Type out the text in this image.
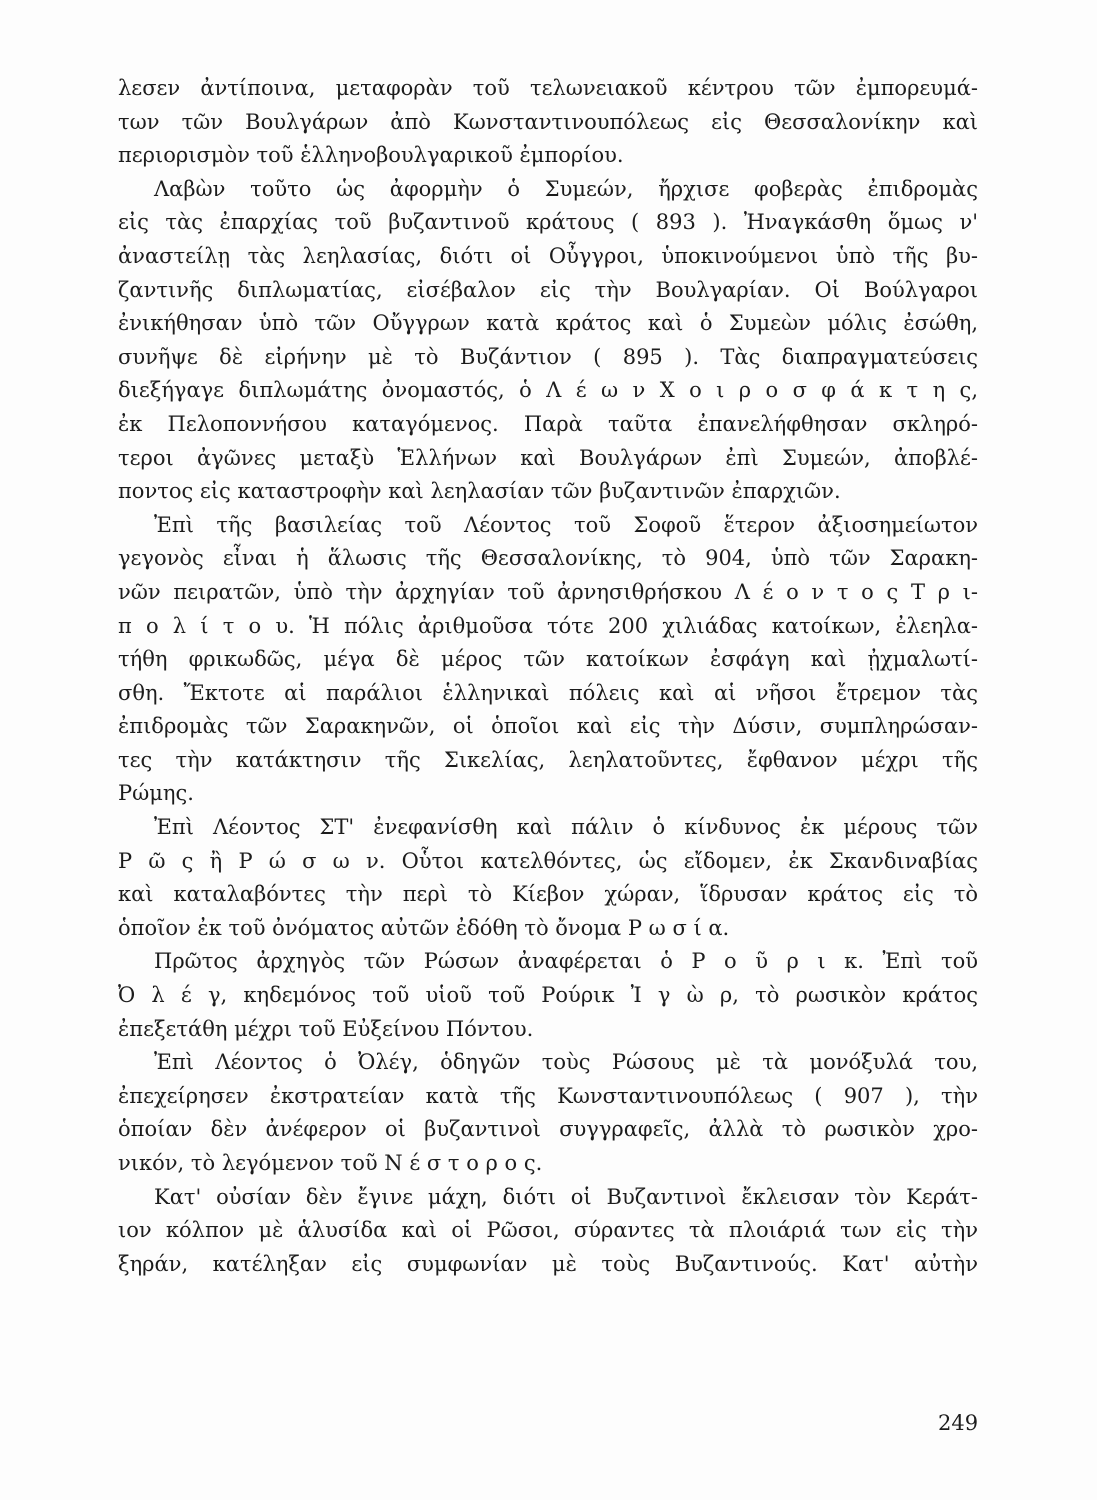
λεσεν ἀντίποινα, μεταφορὰν τοῦ τελωνειακοῦ κέντρου τῶν ἐμπορευμά-
των τῶν Βουλγάρων ἀπὸ Κωνσταντινουπόλεως εἰς Θεσσαλονίκην καὶ
περιορισμὸν τοῦ ἑλληνοβουλγαρικοῦ ἐμπορίου.
Λαβὼν τοῦτο ὡς ἀφορμὴν ὁ Συμεών, ἤρχισε φοβερὰς ἐπιδρομὰς
εἰς τὰς ἐπαρχίας τοῦ βυζαντινοῦ κράτους ( 893 ). Ἠναγκάσθη ὅμως ν'
ἀναστείλῃ τὰς λεηλασίας, διότι οἱ Οὖγγροι, ὑποκινούμενοι ὑπὸ τῆς βυ-
ζαντινῆς διπλωματίας, εἰσέβαλον εἰς τὴν Βουλγαρίαν. Οἱ Βούλγαροι
ἐνικήθησαν ὑπὸ τῶν Οὔγγρων κατὰ κράτος καὶ ὁ Συμεὼν μόλις ἐσώθη,
συνῆψε δὲ εἰρήνην μὲ τὸ Βυζάντιον ( 895 ). Τὰς διαπραγματεύσεις
διεξήγαγε διπλωμάτης ὀνομαστός, ὁ Λ έ ω ν Χ ο ι ρ ο σ φ ά κ τ η ς,
ἐκ Πελοποννήσου καταγόμενος. Παρὰ ταῦτα ἐπανελήφθησαν σκληρό-
τεροι ἀγῶνες μεταξὺ Ἑλλήνων καὶ Βουλγάρων ἐπὶ Συμεών, ἀποβλέ-
ποντος εἰς καταστροφὴν καὶ λεηλασίαν τῶν βυζαντινῶν ἐπαρχιῶν.
Ἐπὶ τῆς βασιλείας τοῦ Λέοντος τοῦ Σοφοῦ ἕτερον ἀξιοσημείωτον
γεγονὸς εἶναι ἡ ἅλωσις τῆς Θεσσαλονίκης, τὸ 904, ὑπὸ τῶν Σαρακη-
νῶν πειρατῶν, ὑπὸ τὴν ἀρχηγίαν τοῦ ἀρνησιθρήσκου Λ έ ο ν τ ο ς Τ ρ ι-
π ο λ ί τ ο υ. Ἡ πόλις ἀριθμοῦσα τότε 200 χιλιάδας κατοίκων, ἐλεηλα-
τήθη φρικωδῶς, μέγα δὲ μέρος τῶν κατοίκων ἐσφάγη καὶ ᾐχμαλωτί-
σθη. Ἔκτοτε αἱ παράλιοι ἑλληνικαὶ πόλεις καὶ αἱ νῆσοι ἔτρεμον τὰς
ἐπιδρομὰς τῶν Σαρακηνῶν, οἱ ὁποῖοι καὶ εἰς τὴν Δύσιν, συμπληρώσαν-
τες τὴν κατάκτησιν τῆς Σικελίας, λεηλατοῦντες, ἔφθανον μέχρι τῆς
Ρώμης.
Ἐπὶ Λέοντος ΣΤ' ἐνεφανίσθη καὶ πάλιν ὁ κίνδυνος ἐκ μέρους τῶν
Ρ ῶ ς ἢ Ρ ώ σ ω ν. Οὗτοι κατελθόντες, ὡς εἴδομεν, ἐκ Σκανδιναβίας
καὶ καταλαβόντες τὴν περὶ τὸ Κίεβον χώραν, ἵδρυσαν κράτος εἰς τὸ
ὁποῖον ἐκ τοῦ ὀνόματος αὐτῶν ἐδόθη τὸ ὄνομα Ρ ω σ ί α.
Πρῶτος ἀρχηγὸς τῶν Ρώσων ἀναφέρεται ὁ Ρ ο ῦ ρ ι κ. Ἐπὶ τοῦ
Ὀ λ έ γ, κηδεμόνος τοῦ υἱοῦ τοῦ Ρούρικ Ἰ γ ὼ ρ, τὸ ρωσικὸν κράτος
ἐπεξετάθη μέχρι τοῦ Εὐξείνου Πόντου.
Ἐπὶ Λέοντος ὁ Ὀλέγ, ὁδηγῶν τοὺς Ρώσους μὲ τὰ μονόξυλά του,
ἐπεχείρησεν ἐκστρατείαν κατὰ τῆς Κωνσταντινουπόλεως ( 907 ), τὴν
ὁποίαν δὲν ἀνέφερον οἱ βυζαντινοὶ συγγραφεῖς, ἀλλὰ τὸ ρωσικὸν χρο-
νικόν, τὸ λεγόμενον τοῦ Ν έ σ τ ο ρ ο ς.
Κατ' οὐσίαν δὲν ἔγινε μάχη, διότι οἱ Βυζαντινοὶ ἔκλεισαν τὸν Κεράτ-
ιον κόλπον μὲ ἁλυσίδα καὶ οἱ Ρῶσοι, σύραντες τὰ πλοιάριά των εἰς τὴν
ξηράν, κατέληξαν εἰς συμφωνίαν μὲ τοὺς Βυζαντινούς. Κατ' αὐτὴν
249
